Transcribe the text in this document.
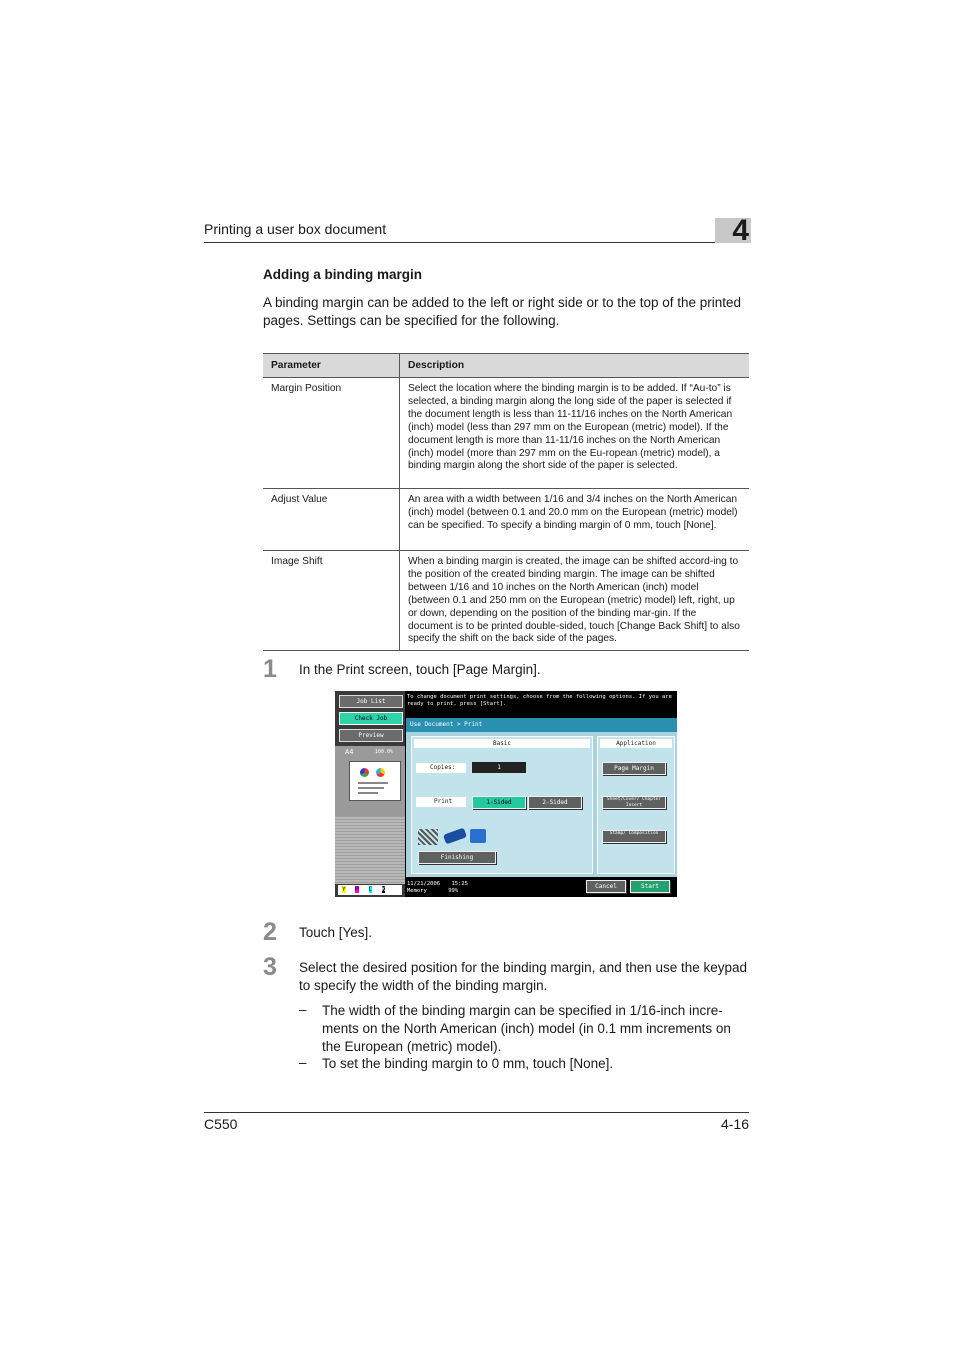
Printing a user box document	4
Adding a binding margin
A binding margin can be added to the left or right side or to the top of the printed pages. Settings can be specified for the following.
Parameter	Description
Margin Position	Select the location where the binding margin is to be added. If “Au-to” is selected, a binding margin along the long side of the paper is selected if the document length is less than 11-11/16 inches on the North American (inch) model (less than 297 mm on the European (metric) model). If the document length is more than 11-11/16 inches on the North American (inch) model (more than 297 mm on the Eu-ropean (metric) model), a binding margin along the short side of the paper is selected.
Adjust Value	An area with a width between 1/16 and 3/4 inches on the North American (inch) model (between 0.1 and 20.0 mm on the European (metric) model) can be specified. To specify a binding margin of 0 mm, touch [None].
Image Shift	When a binding margin is created, the image can be shifted accord-ing to the position of the created binding margin. The image can be shifted between 1/16 and 10 inches on the North American (inch) model (between 0.1 and 250 mm on the European (metric) model) left, right, up or down, depending on the position of the binding mar-gin. If the document is to be printed double-sided, touch [Change Back Shift] to also specify the shift on the back side of the pages.
1 In the Print screen, touch [Page Margin].
Job List
Check Job
Preview
A4	100.0%
Y M C K
To change document print settings, choose from the following options. If you are ready to print, press [Start].
Use Document > Print
Basic
Copies:	1
Print	1-Sided	2-Sided
Finishing
Application
Page Margin
Sheet/Cover/ Chapter Insert
Stamp/ Composition
11/21/2006 15:25
Memory	99%
Cancel	Start
2 Touch [Yes].
3 Select the desired position for the binding margin, and then use the keypad to specify the width of the binding margin.
– The width of the binding margin can be specified in 1/16-inch incre-ments on the North American (inch) model (in 0.1 mm increments on the European (metric) model).
– To set the binding margin to 0 mm, touch [None].
C550	4-16
